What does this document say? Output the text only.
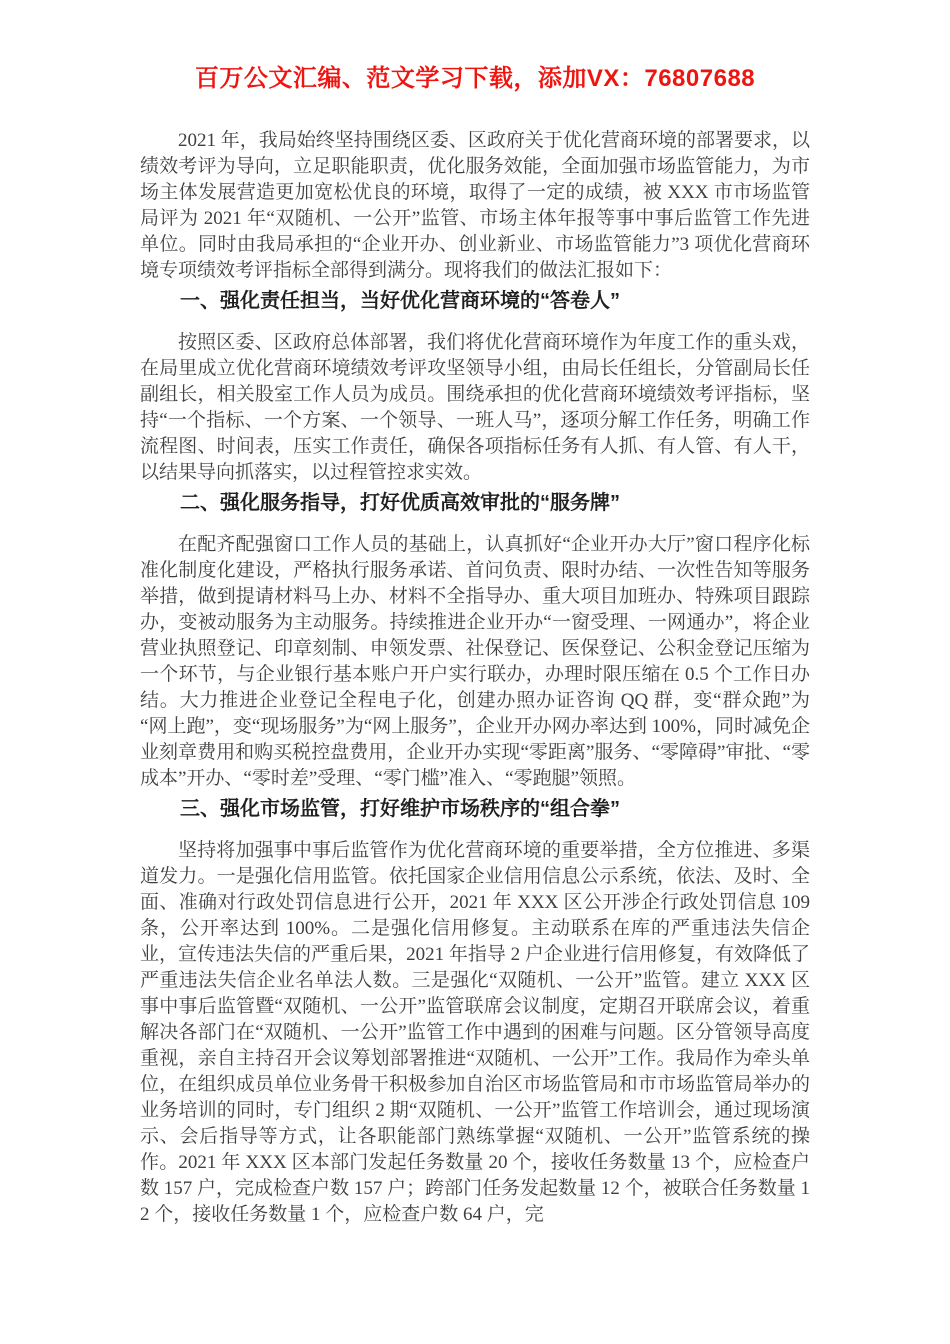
百万公文汇编、范文学习下载，添加VX：76807688

2021 年，我局始终坚持围绕区委、区政府关于优化营商环境的部署要求，以绩效考评为导向，立足职能职责，优化服务效能，全面加强市场监管能力，为市场主体发展营造更加宽松优良的环境，取得了一定的成绩，被 XXX 市市场监管局评为 2021 年“双随机、一公开”监管、市场主体年报等事中事后监管工作先进单位。同时由我局承担的“企业开办、创业新业、市场监管能力”3 项优化营商环境专项绩效考评指标全部得到满分。现将我们的做法汇报如下：

一、强化责任担当，当好优化营商环境的“答卷人”

按照区委、区政府总体部署，我们将优化营商环境作为年度工作的重头戏，在局里成立优化营商环境绩效考评攻坚领导小组，由局长任组长，分管副局长任副组长，相关股室工作人员为成员。围绕承担的优化营商环境绩效考评指标，坚持“一个指标、一个方案、一个领导、一班人马”，逐项分解工作任务，明确工作流程图、时间表，压实工作责任，确保各项指标任务有人抓、有人管、有人干，以结果导向抓落实，以过程管控求实效。

二、强化服务指导，打好优质高效审批的“服务牌”

在配齐配强窗口工作人员的基础上，认真抓好“企业开办大厅”窗口程序化标准化制度化建设，严格执行服务承诺、首问负责、限时办结、一次性告知等服务举措，做到提请材料马上办、材料不全指导办、重大项目加班办、特殊项目跟踪办，变被动服务为主动服务。持续推进企业开办“一窗受理、一网通办”，将企业营业执照登记、印章刻制、申领发票、社保登记、医保登记、公积金登记压缩为一个环节，与企业银行基本账户开户实行联办，办理时限压缩在 0.5 个工作日办结。大力推进企业登记全程电子化，创建办照办证咨询 QQ 群，变“群众跑”为“网上跑”，变“现场服务”为“网上服务”，企业开办网办率达到 100%，同时减免企业刻章费用和购买税控盘费用，企业开办实现“零距离”服务、“零障碍”审批、“零成本”开办、“零时差”受理、“零门槛”准入、“零跑腿”领照。

三、强化市场监管，打好维护市场秩序的“组合拳”

坚持将加强事中事后监管作为优化营商环境的重要举措，全方位推进、多渠道发力。一是强化信用监管。依托国家企业信用信息公示系统，依法、及时、全面、准确对行政处罚信息进行公开，2021 年 XXX 区公开涉企行政处罚信息 109 条，公开率达到 100%。二是强化信用修复。主动联系在库的严重违法失信企业，宣传违法失信的严重后果，2021 年指导 2 户企业进行信用修复，有效降低了严重违法失信企业名单法人数。三是强化“双随机、一公开”监管。建立 XXX 区事中事后监管暨“双随机、一公开”监管联席会议制度，定期召开联席会议，着重解决各部门在“双随机、一公开”监管工作中遇到的困难与问题。区分管领导高度重视，亲自主持召开会议筹划部署推进“双随机、一公开”工作。我局作为牵头单位，在组织成员单位业务骨干积极参加自治区市场监管局和市市场监管局举办的业务培训的同时，专门组织 2 期“双随机、一公开”监管工作培训会，通过现场演示、会后指导等方式，让各职能部门熟练掌握“双随机、一公开”监管系统的操作。2021 年 XXX 区本部门发起任务数量 20 个，接收任务数量 13 个，应检查户数 157 户，完成检查户数 157 户；跨部门任务发起数量 12 个，被联合任务数量 12 个，接收任务数量 1 个，应检查户数 64 户，完
